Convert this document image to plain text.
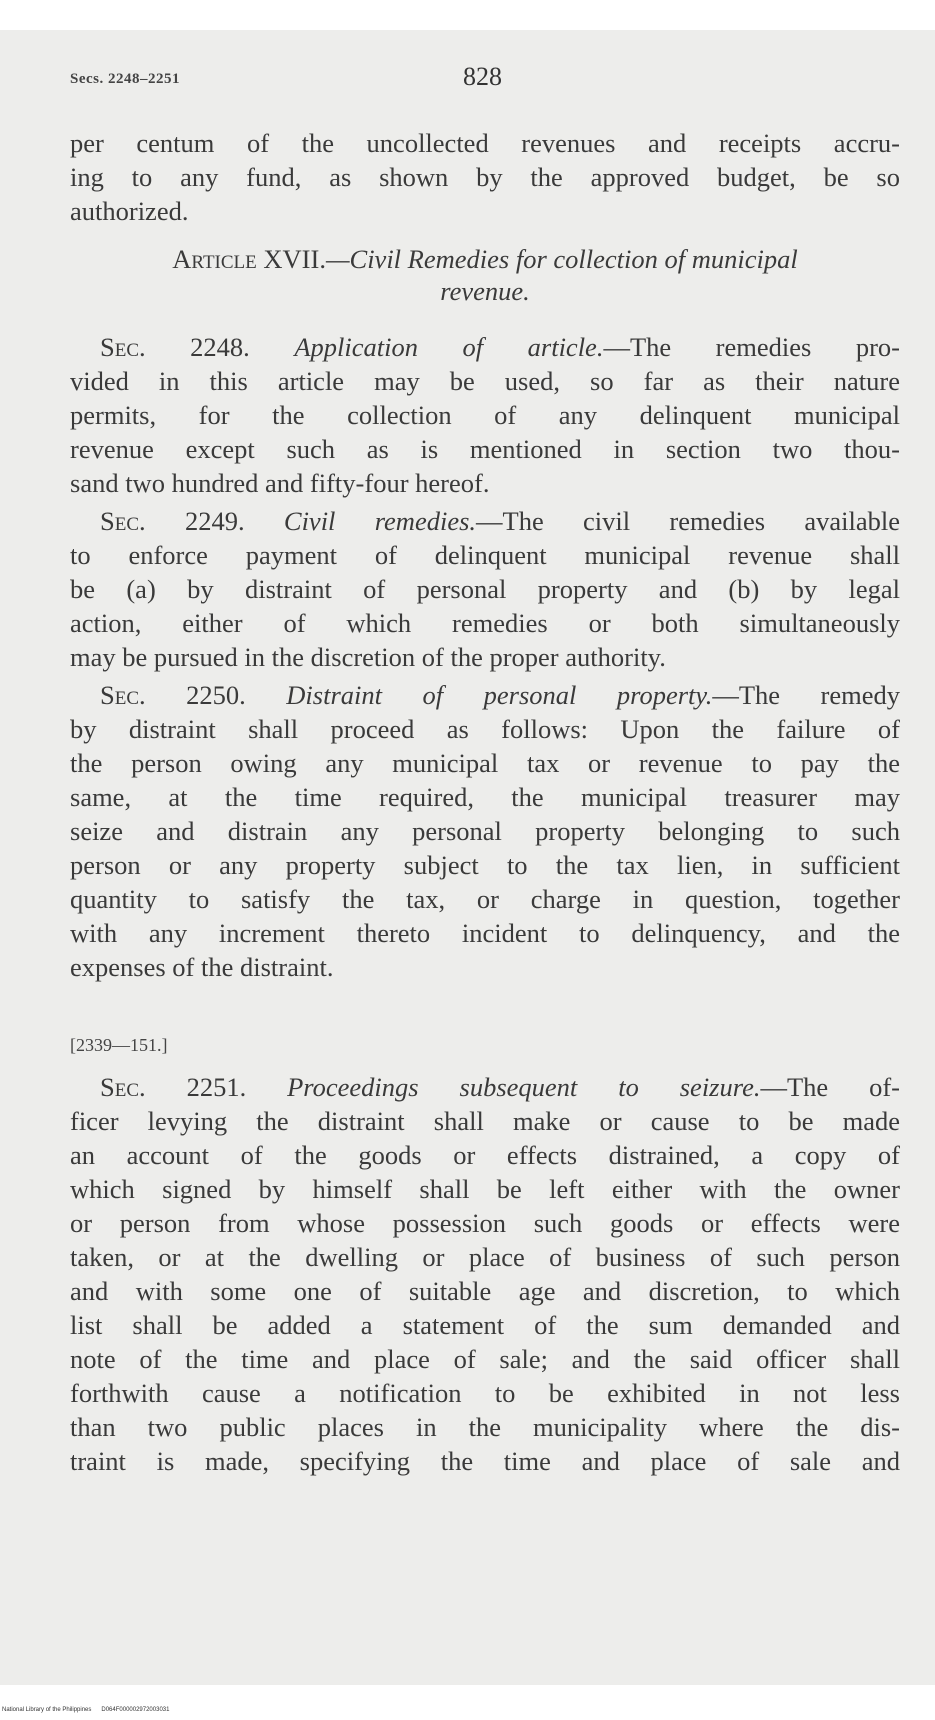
Secs. 2248–2251	828
per centum of the uncollected revenues and receipts accru-
ing to any fund, as shown by the approved budget, be so
authorized.
Article XVII.—Civil Remedies for collection of municipal
revenue.
Sec. 2248. Application of article.—The remedies pro-
vided in this article may be used, so far as their nature
permits, for the collection of any delinquent municipal
revenue except such as is mentioned in section two thou-
sand two hundred and fifty-four hereof.
Sec. 2249. Civil remedies.—The civil remedies available
to enforce payment of delinquent municipal revenue shall
be (a) by distraint of personal property and (b) by legal
action, either of which remedies or both simultaneously
may be pursued in the discretion of the proper authority.
Sec. 2250. Distraint of personal property.—The remedy
by distraint shall proceed as follows: Upon the failure of
the person owing any municipal tax or revenue to pay the
same, at the time required, the municipal treasurer may
seize and distrain any personal property belonging to such
person or any property subject to the tax lien, in sufficient
quantity to satisfy the tax, or charge in question, together
with any increment thereto incident to delinquency, and the
expenses of the distraint.
[2339—151.]
Sec. 2251. Proceedings subsequent to seizure.—The of-
ficer levying the distraint shall make or cause to be made
an account of the goods or effects distrained, a copy of
which signed by himself shall be left either with the owner
or person from whose possession such goods or effects were
taken, or at the dwelling or place of business of such person
and with some one of suitable age and discretion, to which
list shall be added a statement of the sum demanded and
note of the time and place of sale; and the said officer shall
forthwith cause a notification to be exhibited in not less
than two public places in the municipality where the dis-
traint is made, specifying the time and place of sale and
National Library of the Philippines D064F000002972003031
